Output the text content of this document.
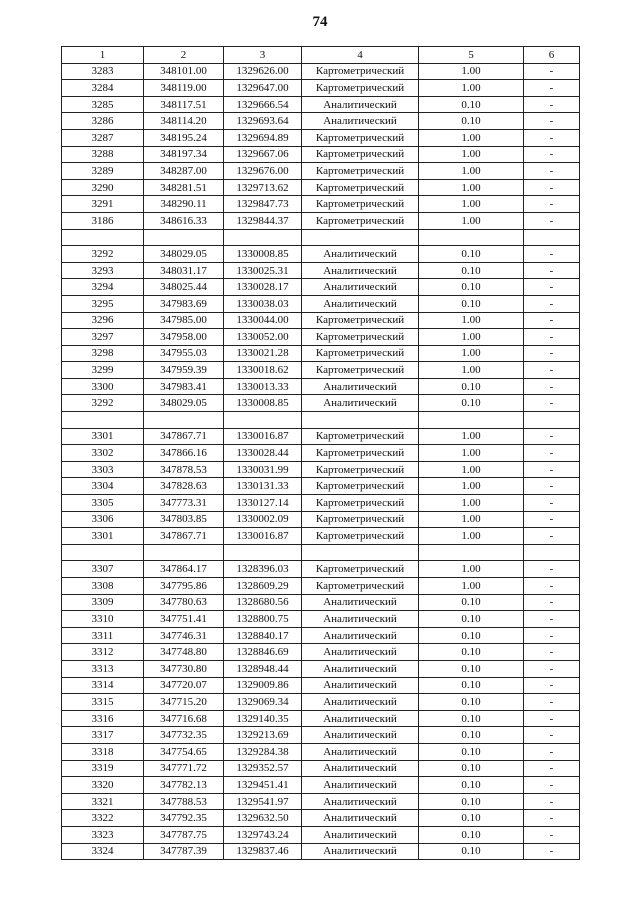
74
1	2	3	4	5	6
3283	348101.00	1329626.00	Картометрический	1.00	-
3284	348119.00	1329647.00	Картометрический	1.00	-
3285	348117.51	1329666.54	Аналитический	0.10	-
3286	348114.20	1329693.64	Аналитический	0.10	-
3287	348195.24	1329694.89	Картометрический	1.00	-
3288	348197.34	1329667.06	Картометрический	1.00	-
3289	348287.00	1329676.00	Картометрический	1.00	-
3290	348281.51	1329713.62	Картометрический	1.00	-
3291	348290.11	1329847.73	Картометрический	1.00	-
3186	348616.33	1329844.37	Картометрический	1.00	-

3292	348029.05	1330008.85	Аналитический	0.10	-
3293	348031.17	1330025.31	Аналитический	0.10	-
3294	348025.44	1330028.17	Аналитический	0.10	-
3295	347983.69	1330038.03	Аналитический	0.10	-
3296	347985.00	1330044.00	Картометрический	1.00	-
3297	347958.00	1330052.00	Картометрический	1.00	-
3298	347955.03	1330021.28	Картометрический	1.00	-
3299	347959.39	1330018.62	Картометрический	1.00	-
3300	347983.41	1330013.33	Аналитический	0.10	-
3292	348029.05	1330008.85	Аналитический	0.10	-

3301	347867.71	1330016.87	Картометрический	1.00	-
3302	347866.16	1330028.44	Картометрический	1.00	-
3303	347878.53	1330031.99	Картометрический	1.00	-
3304	347828.63	1330131.33	Картометрический	1.00	-
3305	347773.31	1330127.14	Картометрический	1.00	-
3306	347803.85	1330002.09	Картометрический	1.00	-
3301	347867.71	1330016.87	Картометрический	1.00	-

3307	347864.17	1328396.03	Картометрический	1.00	-
3308	347795.86	1328609.29	Картометрический	1.00	-
3309	347780.63	1328680.56	Аналитический	0.10	-
3310	347751.41	1328800.75	Аналитический	0.10	-
3311	347746.31	1328840.17	Аналитический	0.10	-
3312	347748.80	1328846.69	Аналитический	0.10	-
3313	347730.80	1328948.44	Аналитический	0.10	-
3314	347720.07	1329009.86	Аналитический	0.10	-
3315	347715.20	1329069.34	Аналитический	0.10	-
3316	347716.68	1329140.35	Аналитический	0.10	-
3317	347732.35	1329213.69	Аналитический	0.10	-
3318	347754.65	1329284.38	Аналитический	0.10	-
3319	347771.72	1329352.57	Аналитический	0.10	-
3320	347782.13	1329451.41	Аналитический	0.10	-
3321	347788.53	1329541.97	Аналитический	0.10	-
3322	347792.35	1329632.50	Аналитический	0.10	-
3323	347787.75	1329743.24	Аналитический	0.10	-
3324	347787.39	1329837.46	Аналитический	0.10	-
